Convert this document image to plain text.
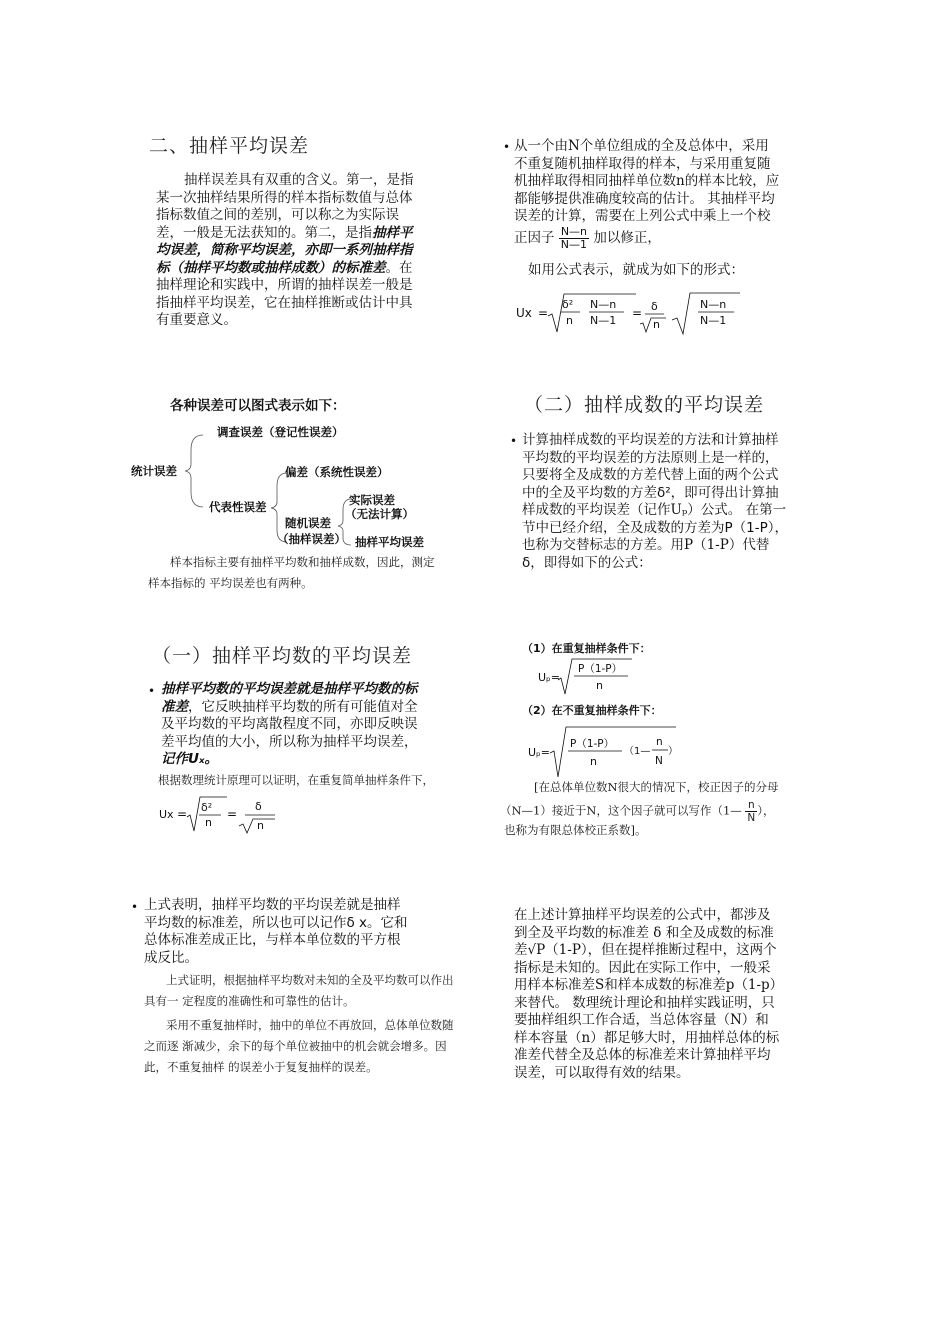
二、抽样平均误差
抽样误差具有双重的含义。第一，是指某一次抽样结果所得的样本指标数值与总体指标数值之间的差别，可以称之为实际误差，一般是无法获知的。第二，是指抽样平均误差，简称平均误差，亦即一系列抽样指标（抽样平均数或抽样成数）的标准差。在抽样理论和实践中，所谓的抽样误差一般是指抽样平均误差，它在抽样推断或估计中具有重要意义。
• 从一个由N个单位组成的全及总体中，采用不重复随机抽样取得的样本，与采用重复随机抽样取得相同抽样单位数n的样本比较，应都能够提供准确度较高的估计。 其抽样平均误差的计算，需要在上列公式中乘上一个校正因子 $\frac{N—n}{N—1}$ 加以修正，
如用公式表示，就成为如下的形式：
Ux =
δ²
n
N—n
N—1
= δ
n
N—n
N—1
各种误差可以图式表示如下：
统计误差
调查误差（登记性误差）
代表性误差
偏差（系统性误差）
随机误差
（抽样误差）
实际误差
（无法计算）
抽样平均误差
样本指标主要有抽样平均数和抽样成数，因此，测定样本指标的 平均误差也有两种。
（二）抽样成数的平均误差
• 计算抽样成数的平均误差的方法和计算抽样平均数的平均误差的方法原则上是一样的，只要将全及成数的方差代替上面的两个公式中的全及平均数的方差δ²，即可得出计算抽样成数的平均误差（记作Uₚ）公式。 在第一节中已经介绍，全及成数的方差为P（1-P），也称为交替标志的方差。用P（1-P）代替δ，即得如下的公式：
（一）抽样平均数的平均误差
• 抽样平均数的平均误差就是抽样平均数的标准差，它反映抽样平均数的所有可能值对全及平均数的平均离散程度不同，亦即反映误差平均值的大小，所以称为抽样平均误差，记作Uₓ。
根据数理统计原理可以证明，在重复简单抽样条件下，
Ux = δ²
n
=
δ
n
（1）在重复抽样条件下：
Uₚ=
P（1-P）
n
（2）在不重复抽样条件下：
Uₚ=
P（1-P）
n
（1—
n
N
）
[在总体单位数N很大的情况下，校正因子的分母
（N—1）接近于N，这个因子就可以写作（1— $\frac{n}{N}$ ），
也称为有限总体校正系数]。
• 上式表明，抽样平均数的平均误差就是抽样平均数的标准差，所以也可以记作δ x。它和总体标准差成正比，与样本单位数的平方根成反比。
上式证明，根据抽样平均数对未知的全及平均数可以作出具有一 定程度的准确性和可靠性的估计。
采用不重复抽样时，抽中的单位不再放回，总体单位数随之而逐 渐减少，余下的每个单位被抽中的机会就会增多。因此，不重复抽样 的误差小于复复抽样的误差。
在上述计算抽样平均误差的公式中，都涉及到全及平均数的标准差 δ 和全及成数的标准差√P（1-P），但在提样推断过程中，这两个指标是未知的。因此在实际工作中，一般采用样本标准差S和样本成数的标准差p（1-p）来替代。 数理统计理论和抽样实践证明，只要抽样组织工作合适，当总体容量（N）和样本容量（n）都足够大时，用抽样总体的标准差代替全及总体的标准差来计算抽样平均误差，可以取得有效的结果。
